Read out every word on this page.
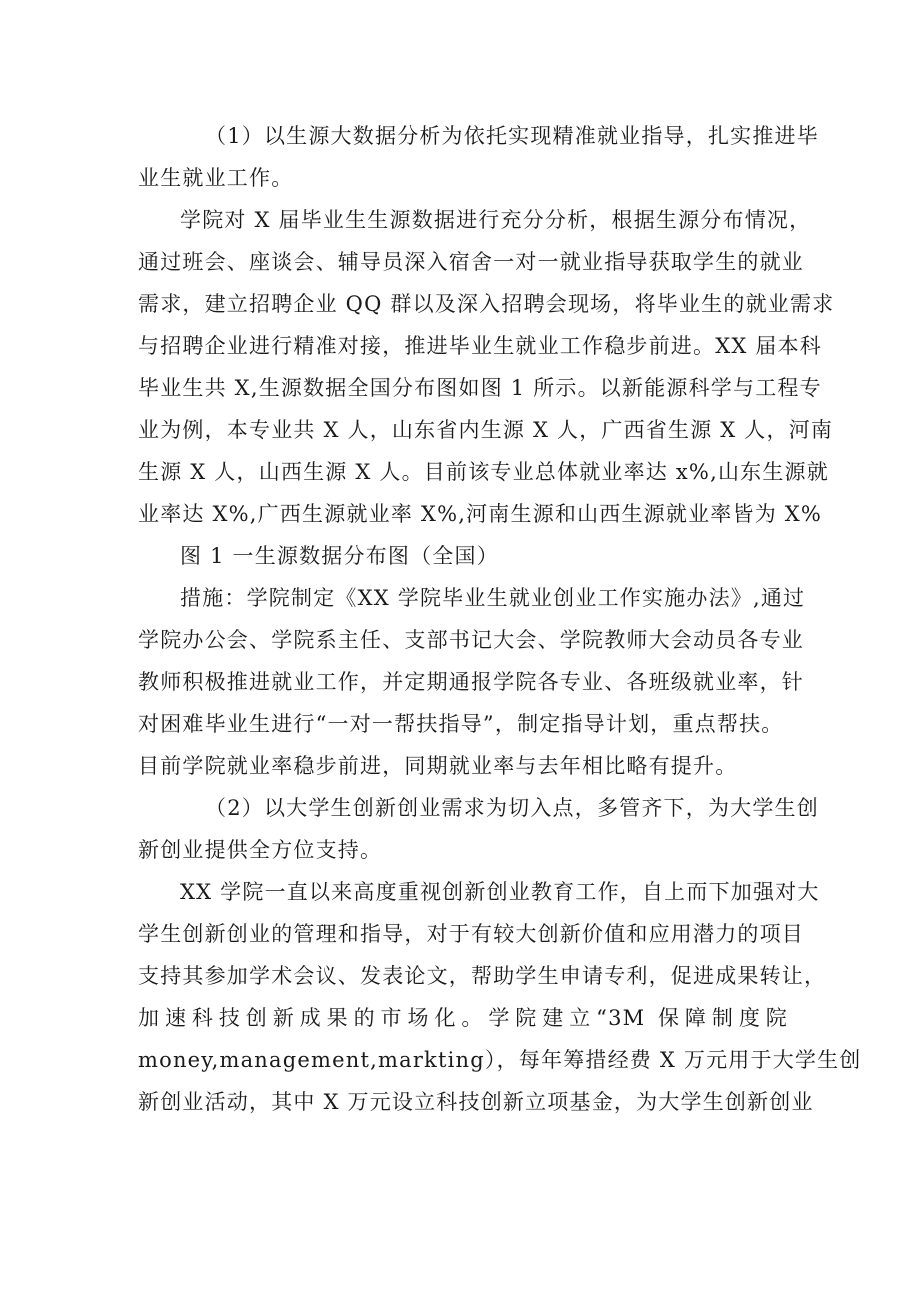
（1）以生源大数据分析为依托实现精准就业指导，扎实推进毕
业生就业工作。
学院对 X 届毕业生生源数据进行充分分析，根据生源分布情况，
通过班会、座谈会、辅导员深入宿舍一对一就业指导获取学生的就业
需求，建立招聘企业 QQ 群以及深入招聘会现场，将毕业生的就业需求
与招聘企业进行精准对接，推进毕业生就业工作稳步前进。XX 届本科
毕业生共 X,生源数据全国分布图如图 1 所示。以新能源科学与工程专
业为例，本专业共 X 人，山东省内生源 X 人，广西省生源 X 人，河南
生源 X 人，山西生源 X 人。目前该专业总体就业率达 x%,山东生源就
业率达 X%,广西生源就业率 X%,河南生源和山西生源就业率皆为 X%
图 1 一生源数据分布图（全国）
措施：学院制定《XX 学院毕业生就业创业工作实施办法》,通过
学院办公会、学院系主任、支部书记大会、学院教师大会动员各专业
教师积极推进就业工作，并定期通报学院各专业、各班级就业率，针
对困难毕业生进行“一对一帮扶指导”，制定指导计划，重点帮扶。
目前学院就业率稳步前进，同期就业率与去年相比略有提升。
（2）以大学生创新创业需求为切入点，多管齐下，为大学生创
新创业提供全方位支持。
XX 学院一直以来高度重视创新创业教育工作，自上而下加强对大
学生创新创业的管理和指导，对于有较大创新价值和应用潜力的项目
支持其参加学术会议、发表论文，帮助学生申请专利，促进成果转让，
加速科技创新成果的市场化。学院建立“3M 保障制度院
money,management,markting），每年筹措经费 X 万元用于大学生创
新创业活动，其中 X 万元设立科技创新立项基金，为大学生创新创业
